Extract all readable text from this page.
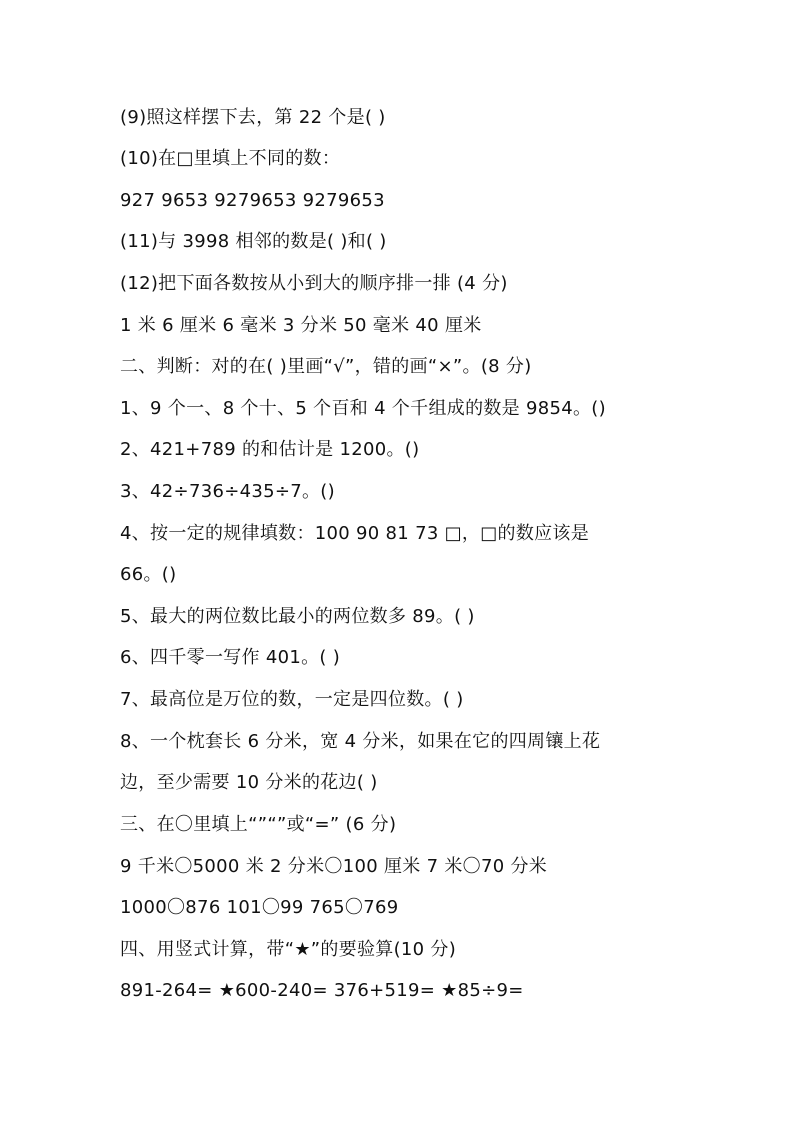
(9)照这样摆下去，第 22 个是( )
(10)在□里填上不同的数：
927 9653 9279653 9279653
(11)与 3998 相邻的数是( )和( )
(12)把下面各数按从小到大的顺序排一排 (4 分)
1 米 6 厘米 6 毫米 3 分米 50 毫米 40 厘米
二、判断：对的在( )里画“√”，错的画“×”。(8 分)
1、9 个一、8 个十、5 个百和 4 个千组成的数是 9854。()
2、421+789 的和估计是 1200。()
3、42÷736÷435÷7。()
4、按一定的规律填数：100 90 81 73 □，□的数应该是
66。()
5、最大的两位数比最小的两位数多 89。( )
6、四千零一写作 401。( )
7、最高位是万位的数，一定是四位数。( )
8、一个枕套长 6 分米，宽 4 分米，如果在它的四周镶上花
边，至少需要 10 分米的花边( )
三、在〇里填上“”“”或“=” (6 分)
9 千米〇5000 米 2 分米〇100 厘米 7 米〇70 分米
1000〇876 101〇99 765〇769
四、用竖式计算，带“★”的要验算(10 分)
891-264= ★600-240= 376+519= ★85÷9=
